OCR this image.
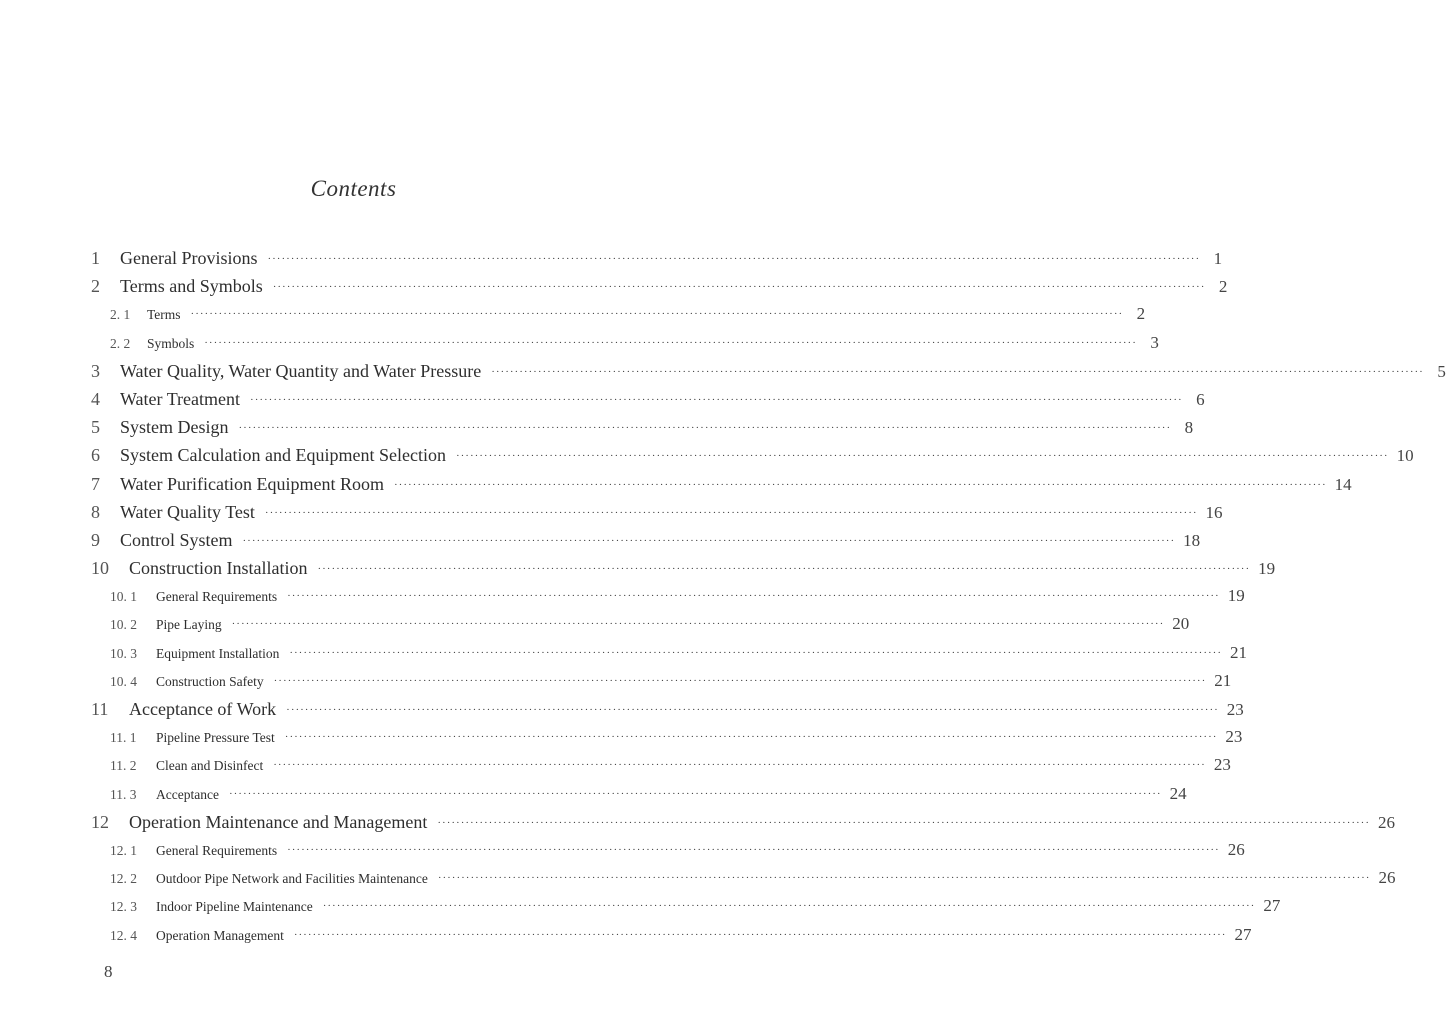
Contents
1	General Provisions ········································································································································································································ 1
2	Terms and Symbols ········································································································································································································ 2
2. 1	Terms ········································································································································································································ 2
2. 2	Symbols ········································································································································································································ 3
3	Water Quality, Water Quantity and Water Pressure ········································································································································································································ 5
4	Water Treatment ········································································································································································································ 6
5	System Design ········································································································································································································ 8
6	System Calculation and Equipment Selection ········································································································································································································ 10
7	Water Purification Equipment Room ········································································································································································································ 14
8	Water Quality Test ········································································································································································································ 16
9	Control System ········································································································································································································ 18
10	Construction Installation ········································································································································································································ 19
10. 1	General Requirements ········································································································································································································ 19
10. 2	Pipe Laying ········································································································································································································ 20
10. 3	Equipment Installation ········································································································································································································ 21
10. 4	Construction Safety ········································································································································································································ 21
11	Acceptance of Work ········································································································································································································ 23
11. 1	Pipeline Pressure Test ········································································································································································································ 23
11. 2	Clean and Disinfect ········································································································································································································ 23
11. 3	Acceptance ········································································································································································································ 24
12	Operation Maintenance and Management ········································································································································································································ 26
12. 1	General Requirements ········································································································································································································ 26
12. 2	Outdoor Pipe Network and Facilities Maintenance ········································································································································································································ 26
12. 3	Indoor Pipeline Maintenance ········································································································································································································ 27
12. 4	Operation Management ········································································································································································································ 27
8
